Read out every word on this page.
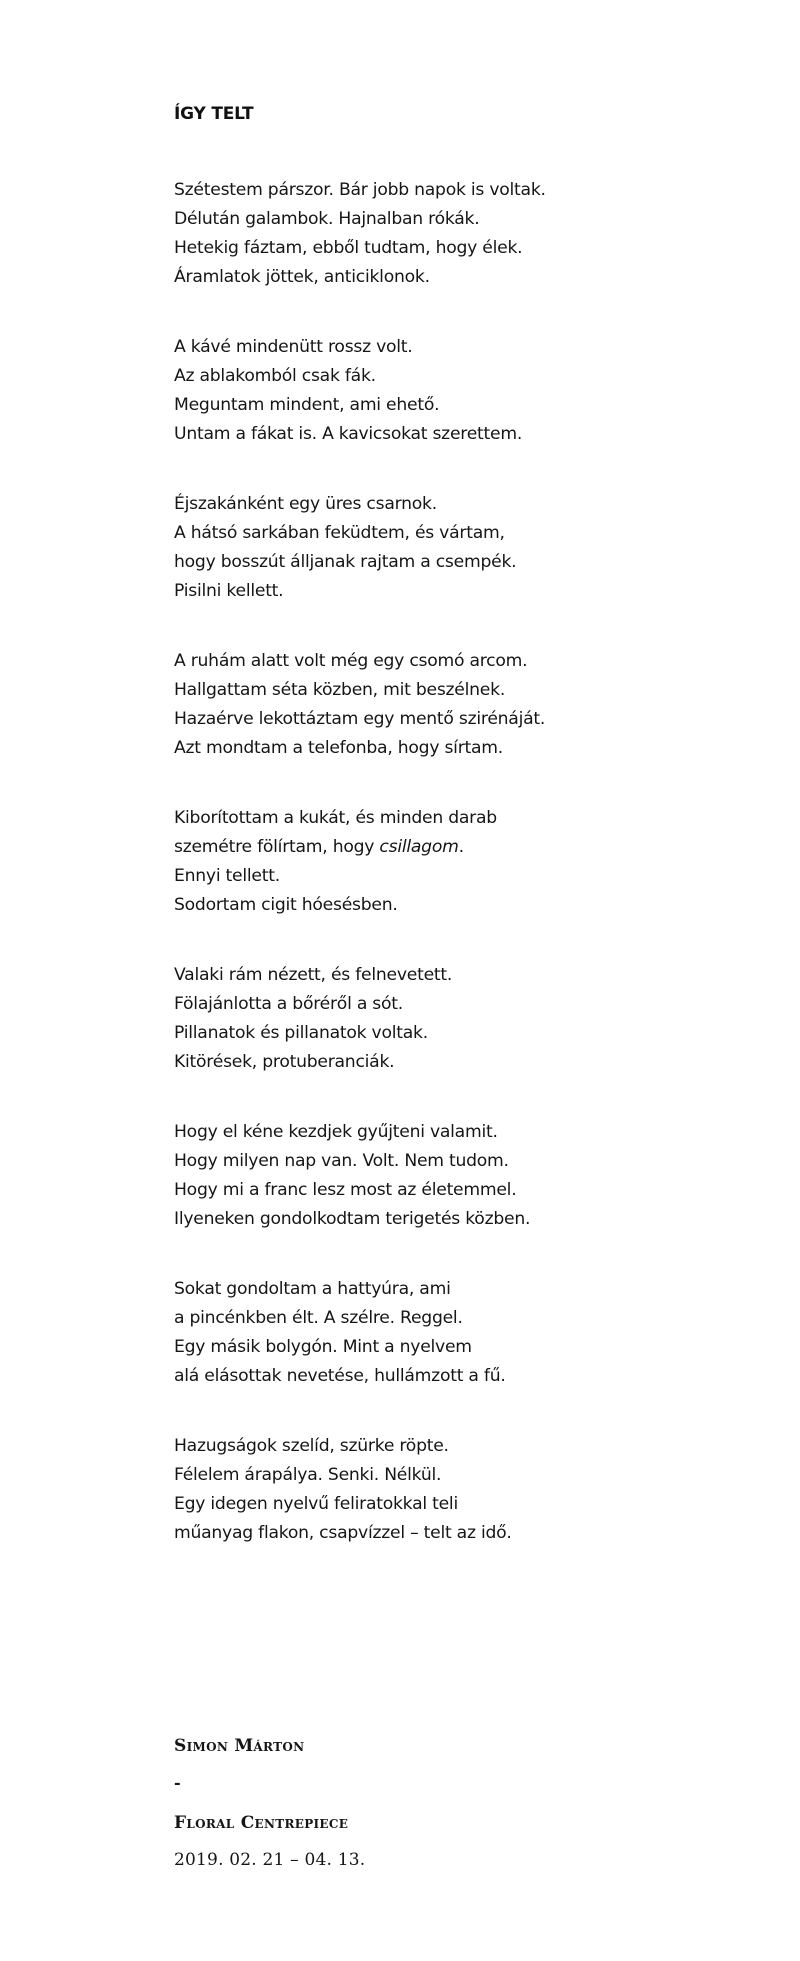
ÍGY TELT
Szétestem párszor. Bár jobb napok is voltak.
Délután galambok. Hajnalban rókák.
Hetekig fáztam, ebből tudtam, hogy élek.
Áramlatok jöttek, anticiklonok.
A kávé mindenütt rossz volt.
Az ablakomból csak fák.
Meguntam mindent, ami ehető.
Untam a fákat is. A kavicsokat szerettem.
Éjszakánként egy üres csarnok.
A hátsó sarkában feküdtem, és vártam,
hogy bosszút álljanak rajtam a csempék.
Pisilni kellett.
A ruhám alatt volt még egy csomó arcom.
Hallgattam séta közben, mit beszélnek.
Hazaérve lekottáztam egy mentő szirénáját.
Azt mondtam a telefonba, hogy sírtam.
Kiborítottam a kukát, és minden darab
szemétre fölírtam, hogy csillagom.
Ennyi tellett.
Sodortam cigit hóesésben.
Valaki rám nézett, és felnevetett.
Fölajánlotta a bőréről a sót.
Pillanatok és pillanatok voltak.
Kitörések, protuberanciák.
Hogy el kéne kezdjek gyűjteni valamit.
Hogy milyen nap van. Volt. Nem tudom.
Hogy mi a franc lesz most az életemmel.
Ilyeneken gondolkodtam terigetés közben.
Sokat gondoltam a hattyúra, ami
a pincénkben élt. A szélre. Reggel.
Egy másik bolygón. Mint a nyelvem
alá elásottak nevetése, hullámzott a fű.
Hazugságok szelíd, szürke röpte.
Félelem árapálya. Senki. Nélkül.
Egy idegen nyelvű feliratokkal teli
műanyag flakon, csapvízzel – telt az idő.
Simon Márton
-
Floral Centrepiece
2019. 02. 21 – 04. 13.
